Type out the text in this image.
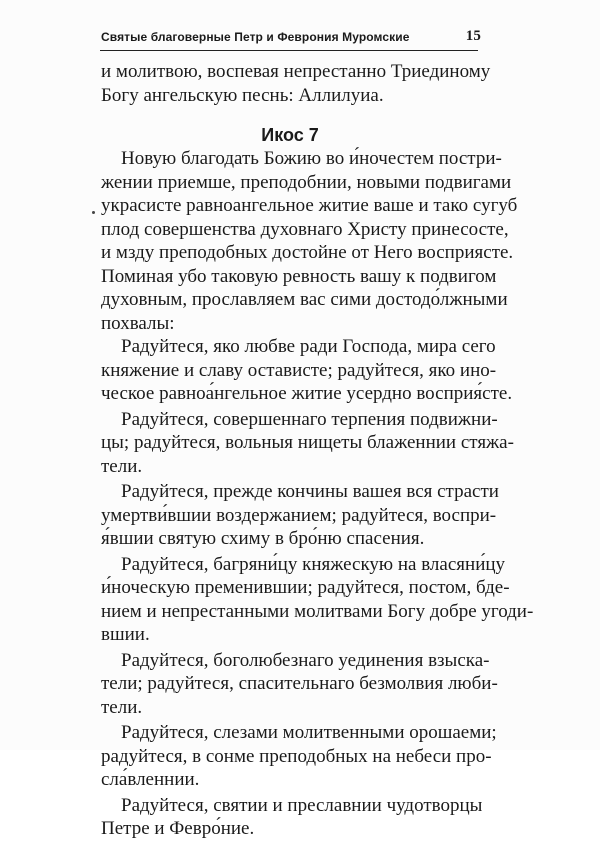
Святые благоверные Петр и Феврония Муромские	15
и молитвою, воспевая непрестанно Триединому
Богу ангельскую песнь: Аллилуиа.
Икос 7
Новую благодать Божию во и́ночестем постри-
жении приемше, преподобнии, новыми подвигами
украсисте равноангельное житие ваше и тако сугуб
плод совершенства духовнаго Христу принесосте,
и мзду преподобных достойне от Него восприясте.
Поминая убо таковую ревность вашу к подвигом
духовным, прославляем вас сими достодо́лжными
похвалы:
Радуйтеся, яко любве ради Господа, мира сего
княжение и славу остависте; радуйтеся, яко ино-
ческое равноа́нгельное житие усердно восприя́сте.
Радуйтеся, совершеннаго терпения подвижни-
цы; радуйтеся, вольныя нищеты блаженнии стяжа-
тели.
Радуйтеся, прежде кончины вашея вся страсти
умертви́вшии воздержанием; радуйтеся, воспри-
я́вшии святую схиму в бро́ню спасения.
Радуйтеся, багряни́цу княжескую на власяни́цу
и́ноческую пременившии; радуйтеся, постом, бде-
нием и непрестанными молитвами Богу добре угоди-
вшии.
Радуйтеся, боголюбезнаго уединения взыска-
тели; радуйтеся, спасительнаго безмолвия люби-
тели.
Радуйтеся, слезами молитвенными орошаеми;
радуйтеся, в сонме преподобных на небеси про-
сла́вленнии.
Радуйтеся, святии и преславнии чудотворцы
Петре и Февро́ние.
